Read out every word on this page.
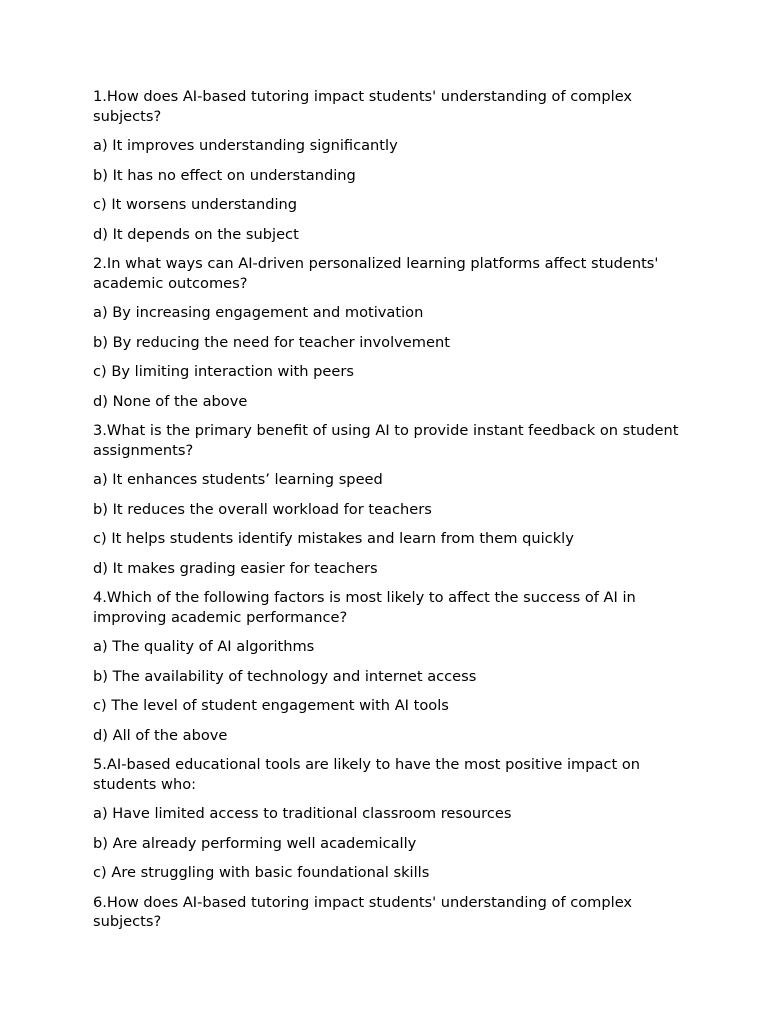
1.How does AI-based tutoring impact students' understanding of complex subjects?
a) It improves understanding significantly
b) It has no effect on understanding
c) It worsens understanding
d) It depends on the subject
2.In what ways can AI-driven personalized learning platforms affect students' academic outcomes?
a) By increasing engagement and motivation
b) By reducing the need for teacher involvement
c) By limiting interaction with peers
d) None of the above
3.What is the primary benefit of using AI to provide instant feedback on student assignments?
a) It enhances students’ learning speed
b) It reduces the overall workload for teachers
c) It helps students identify mistakes and learn from them quickly
d) It makes grading easier for teachers
4.Which of the following factors is most likely to affect the success of AI in improving academic performance?
a) The quality of AI algorithms
b) The availability of technology and internet access
c) The level of student engagement with AI tools
d) All of the above
5.AI-based educational tools are likely to have the most positive impact on students who:
a) Have limited access to traditional classroom resources
b) Are already performing well academically
c) Are struggling with basic foundational skills
6.How does AI-based tutoring impact students' understanding of complex subjects?
